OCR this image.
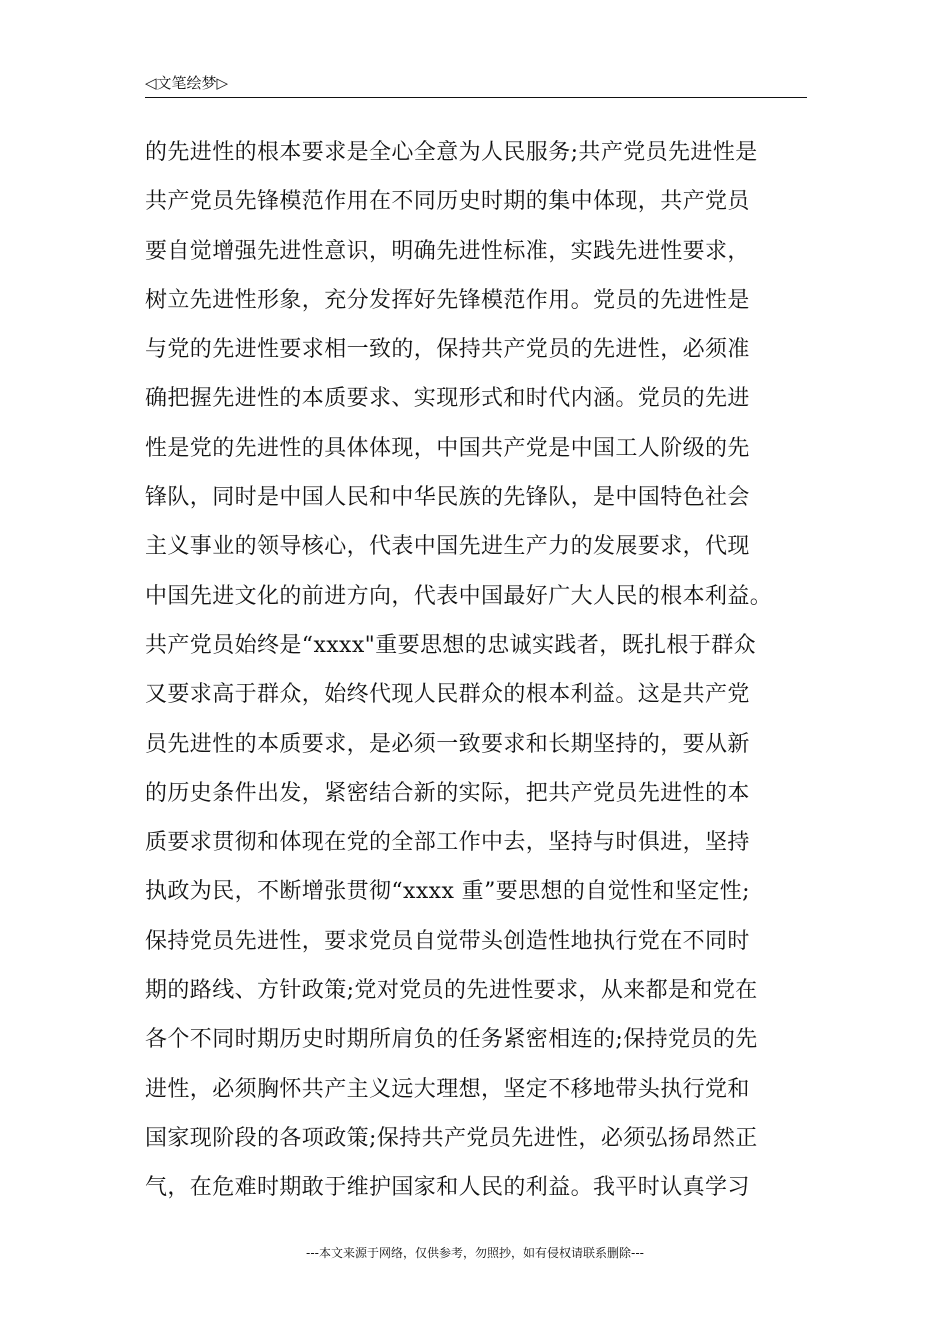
◁文笔绘梦▷
的先进性的根本要求是全心全意为人民服务;共产党员先进性是
共产党员先锋模范作用在不同历史时期的集中体现，共产党员
要自觉增强先进性意识，明确先进性标准，实践先进性要求，
树立先进性形象，充分发挥好先锋模范作用。党员的先进性是
与党的先进性要求相一致的，保持共产党员的先进性，必须准
确把握先进性的本质要求、实现形式和时代内涵。党员的先进
性是党的先进性的具体体现，中国共产党是中国工人阶级的先
锋队，同时是中国人民和中华民族的先锋队，是中国特色社会
主义事业的领导核心，代表中国先进生产力的发展要求，代现
中国先进文化的前进方向，代表中国最好广大人民的根本利益。
共产党员始终是“xxxx"重要思想的忠诚实践者，既扎根于群众
又要求高于群众，始终代现人民群众的根本利益。这是共产党
员先进性的本质要求，是必须一致要求和长期坚持的，要从新
的历史条件出发，紧密结合新的实际，把共产党员先进性的本
质要求贯彻和体现在党的全部工作中去，坚持与时俱进，坚持
执政为民，不断增张贯彻“xxxx 重”要思想的自觉性和坚定性;
保持党员先进性，要求党员自觉带头创造性地执行党在不同时
期的路线、方针政策;党对党员的先进性要求，从来都是和党在
各个不同时期历史时期所肩负的任务紧密相连的;保持党员的先
进性，必须胸怀共产主义远大理想，坚定不移地带头执行党和
国家现阶段的各项政策;保持共产党员先进性，必须弘扬昂然正
气，在危难时期敢于维护国家和人民的利益。我平时认真学习
---本文来源于网络，仅供参考，勿照抄，如有侵权请联系删除---
